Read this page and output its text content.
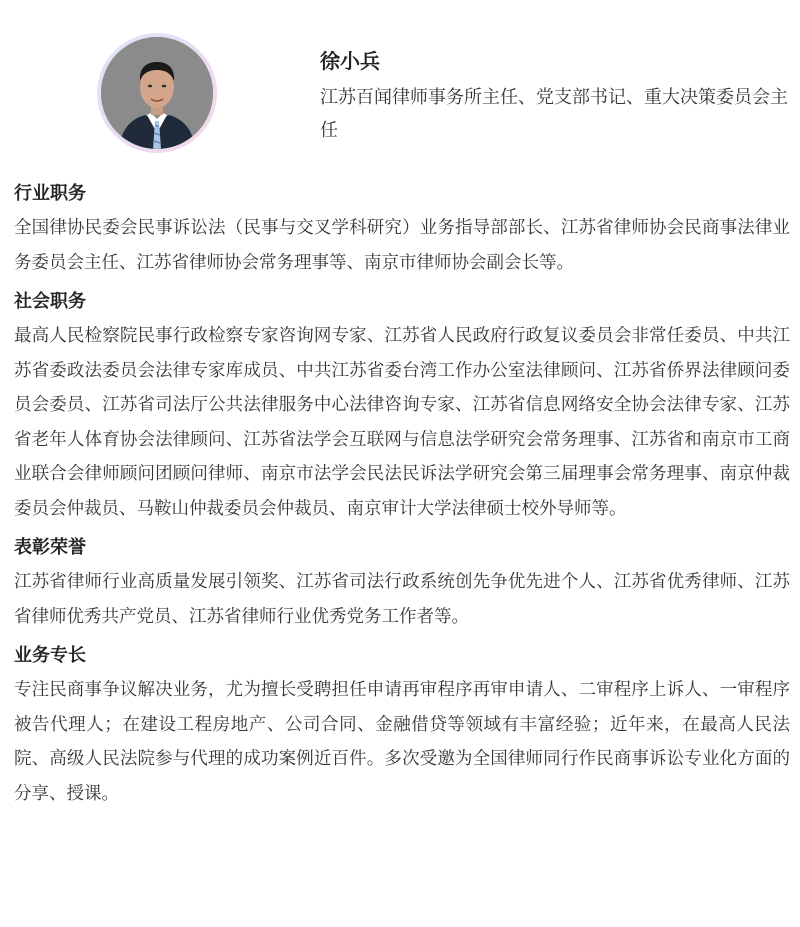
徐小兵

江苏百闻律师事务所主任、党支部书记、重大决策委员会主任

行业职务

全国律协民委会民事诉讼法（民事与交叉学科研究）业务指导部部长、江苏省律师协会民商事法律业务委员会主任、江苏省律师协会常务理事等、南京市律师协会副会长等。

社会职务

最高人民检察院民事行政检察专家咨询网专家、江苏省人民政府行政复议委员会非常任委员、中共江苏省委政法委员会法律专家库成员、中共江苏省委台湾工作办公室法律顾问、江苏省侨界法律顾问委员会委员、江苏省司法厅公共法律服务中心法律咨询专家、江苏省信息网络安全协会法律专家、江苏省老年人体育协会法律顾问、江苏省法学会互联网与信息法学研究会常务理事、江苏省和南京市工商业联合会律师顾问团顾问律师、南京市法学会民法民诉法学研究会第三届理事会常务理事、南京仲裁委员会仲裁员、马鞍山仲裁委员会仲裁员、南京审计大学法律硕士校外导师等。

表彰荣誉

江苏省律师行业高质量发展引领奖、江苏省司法行政系统创先争优先进个人、江苏省优秀律师、江苏省律师优秀共产党员、江苏省律师行业优秀党务工作者等。

业务专长

专注民商事争议解决业务，尤为擅长受聘担任申请再审程序再审申请人、二审程序上诉人、一审程序被告代理人；在建设工程房地产、公司合同、金融借贷等领域有丰富经验；近年来，在最高人民法院、高级人民法院参与代理的成功案例近百件。多次受邀为全国律师同行作民商事诉讼专业化方面的分享、授课。
